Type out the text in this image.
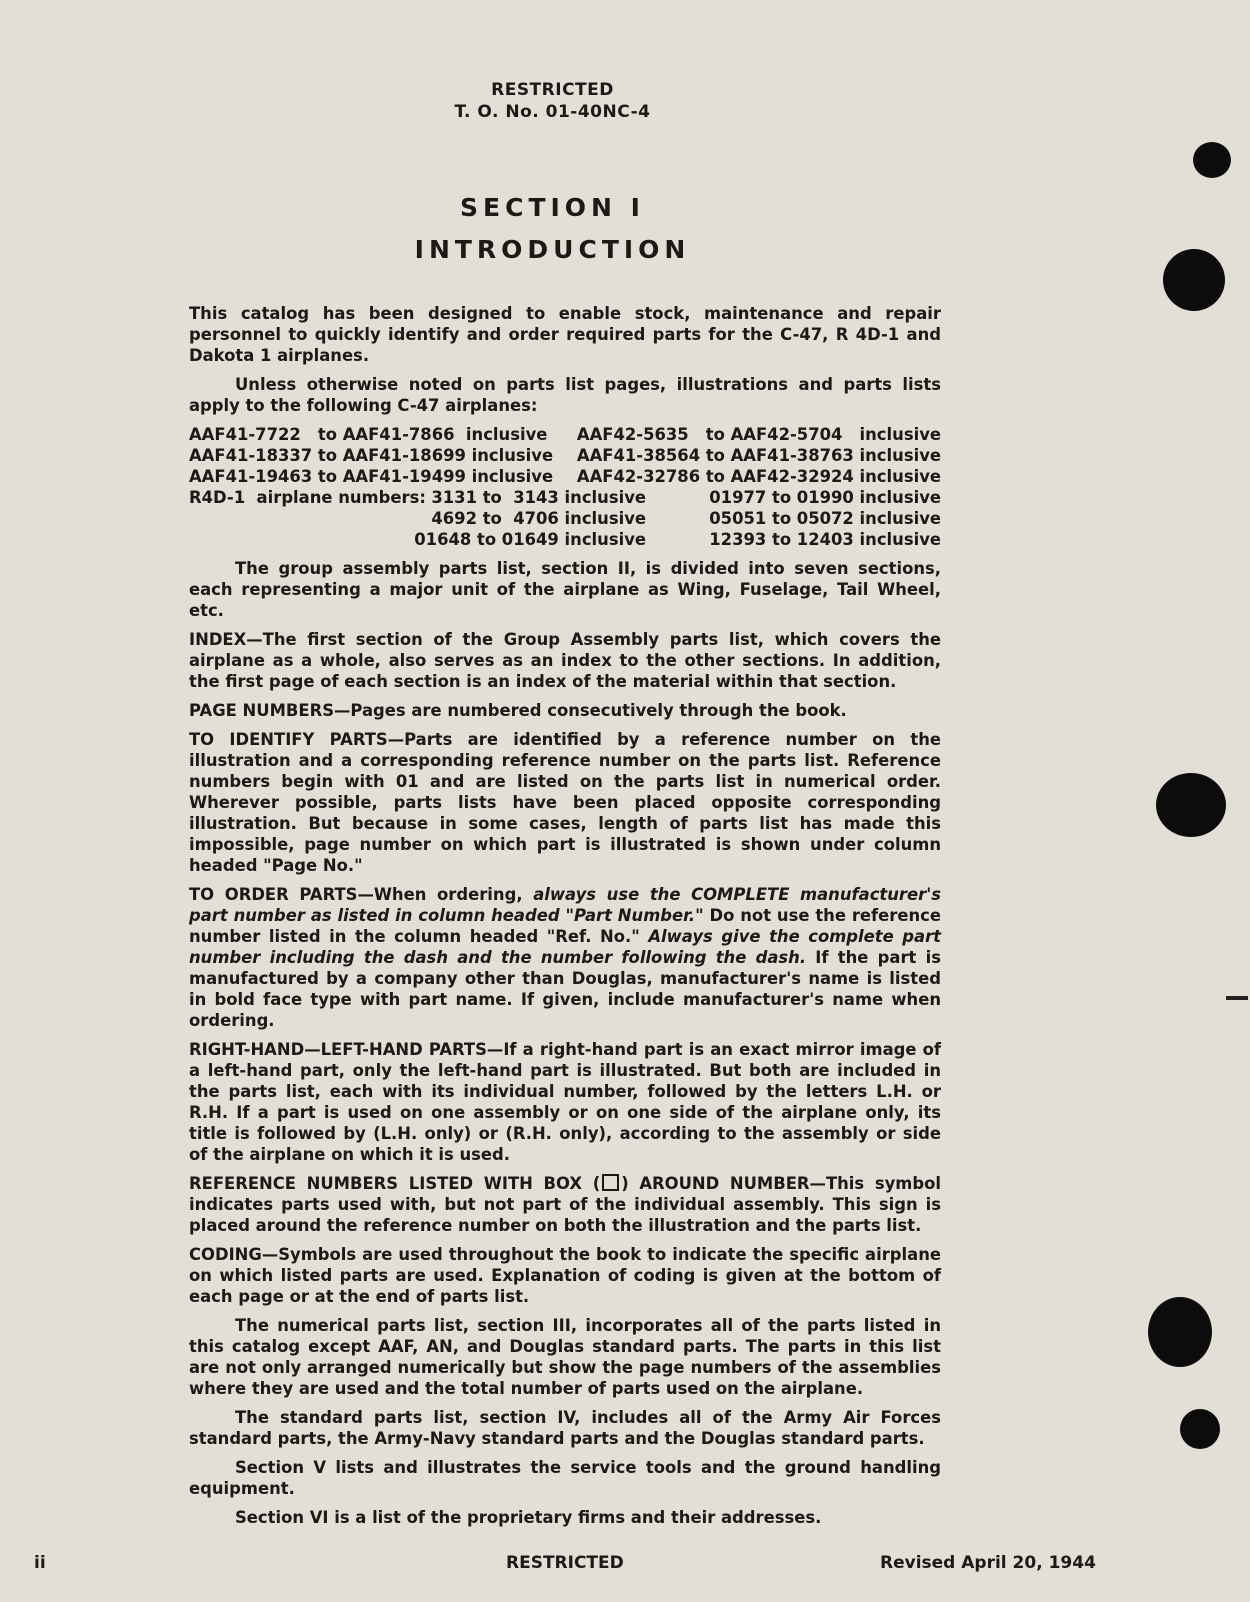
RESTRICTED
T. O. No. 01-40NC-4
SECTION I
INTRODUCTION

This catalog has been designed to enable stock, maintenance and repair personnel to quickly identify and order required parts for the C-47, R 4D-1 and Dakota 1 airplanes.

Unless otherwise noted on parts list pages, illustrations and parts lists apply to the following C-47 airplanes:

AAF41-7722   to AAF41-7866  inclusive AAF42-5635   to AAF42-5704   inclusive
AAF41-18337 to AAF41-18699 inclusive AAF41-38564 to AAF41-38763 inclusive
AAF41-19463 to AAF41-19499 inclusive AAF42-32786 to AAF42-32924 inclusive
R4D-1  airplane numbers: 3131 to  3143 inclusive	01977 to 01990 inclusive
4692 to  4706 inclusive	05051 to 05072 inclusive
01648 to 01649 inclusive	12393 to 12403 inclusive

The group assembly parts list, section II, is divided into seven sections, each representing a major unit of the airplane as Wing, Fuselage, Tail Wheel, etc.

INDEX—The first section of the Group Assembly parts list, which covers the airplane as a whole, also serves as an index to the other sections. In addition, the first page of each section is an index of the material within that section.

PAGE NUMBERS—Pages are numbered consecutively through the book.

TO IDENTIFY PARTS—Parts are identified by a reference number on the illustration and a corresponding reference number on the parts list. Reference numbers begin with 01 and are listed on the parts list in numerical order. Wherever possible, parts lists have been placed opposite corresponding illustration. But because in some cases, length of parts list has made this impossible, page number on which part is illustrated is shown under column headed "Page No."

TO ORDER PARTS—When ordering, always use the COMPLETE manufacturer's part number as listed in column headed "Part Number." Do not use the reference number listed in the column headed "Ref. No." Always give the complete part number including the dash and the number following the dash. If the part is manufactured by a company other than Douglas, manufacturer's name is listed in bold face type with part name. If given, include manufacturer's name when ordering.

RIGHT-HAND—LEFT-HAND PARTS—If a right-hand part is an exact mirror image of a left-hand part, only the left-hand part is illustrated. But both are included in the parts list, each with its individual number, followed by the letters L.H. or R.H. If a part is used on one assembly or on one side of the airplane only, its title is followed by (L.H. only) or (R.H. only), according to the assembly or side of the airplane on which it is used.

REFERENCE NUMBERS LISTED WITH BOX ( ) AROUND NUMBER—This symbol indicates parts used with, but not part of the individual assembly. This sign is placed around the reference number on both the illustration and the parts list.

CODING—Symbols are used throughout the book to indicate the specific airplane on which listed parts are used. Explanation of coding is given at the bottom of each page or at the end of parts list.

The numerical parts list, section III, incorporates all of the parts listed in this catalog except AAF, AN, and Douglas standard parts. The parts in this list are not only arranged numerically but show the page numbers of the assemblies where they are used and the total number of parts used on the airplane.

The standard parts list, section IV, includes all of the Army Air Forces standard parts, the Army-Navy standard parts and the Douglas standard parts.

Section V lists and illustrates the service tools and the ground handling equipment.

Section VI is a list of the proprietary firms and their addresses.

ii	RESTRICTED	Revised April 20, 1944
